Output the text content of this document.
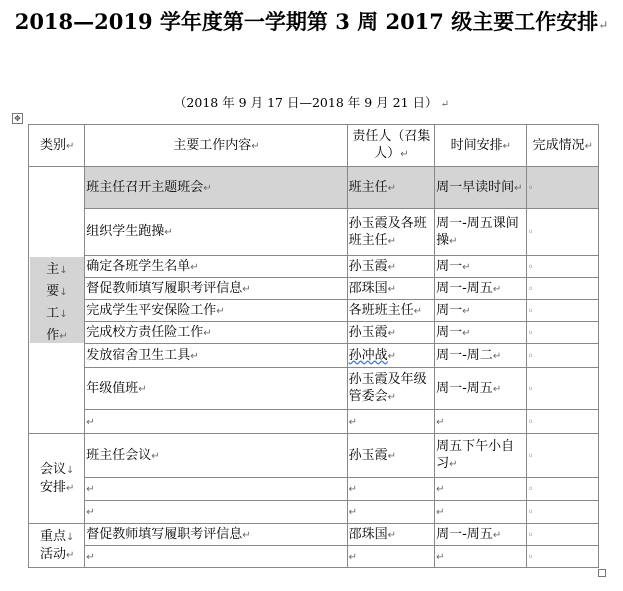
2018—2019 学年度第一学期第 3 周 2017 级主要工作安排↵
（2018 年 9 月 17 日—2018 年 9 月 21 日） ↵
✥
类别↵	主要工作内容↵	责任人（召集人）↵	时间安排↵	完成情况↵

主↓
要↓
工↓
作↵	班主任召开主题班会↵	班主任↵	周一早读时间↵	◦
	组织学生跑操↵	孙玉霞及各班班主任↵	周一-周五课间操↵	◦
	确定各班学生名单↵	孙玉霞↵	周一↵	◦
	督促教师填写履职考评信息↵	邵珠国↵	周一-周五↵	◦
	完成学生平安保险工作↵	各班班主任↵	周一↵	◦
	完成校方责任险工作↵	孙玉霞↵	周一↵	◦
	发放宿舍卫生工具↵	孙冲战↵	周一-周二↵	◦
	年级值班↵	孙玉霞及年级管委会↵	周一-周五↵	◦
	↵	↵	↵	◦
会议↓
安排↵	班主任会议↵	孙玉霞↵	周五下午小自习↵	◦
	↵	↵	↵	◦
	↵	↵	↵	◦
重点↓
活动↵	督促教师填写履职考评信息↵	邵珠国↵	周一-周五↵	◦
	↵	↵	↵	◦
